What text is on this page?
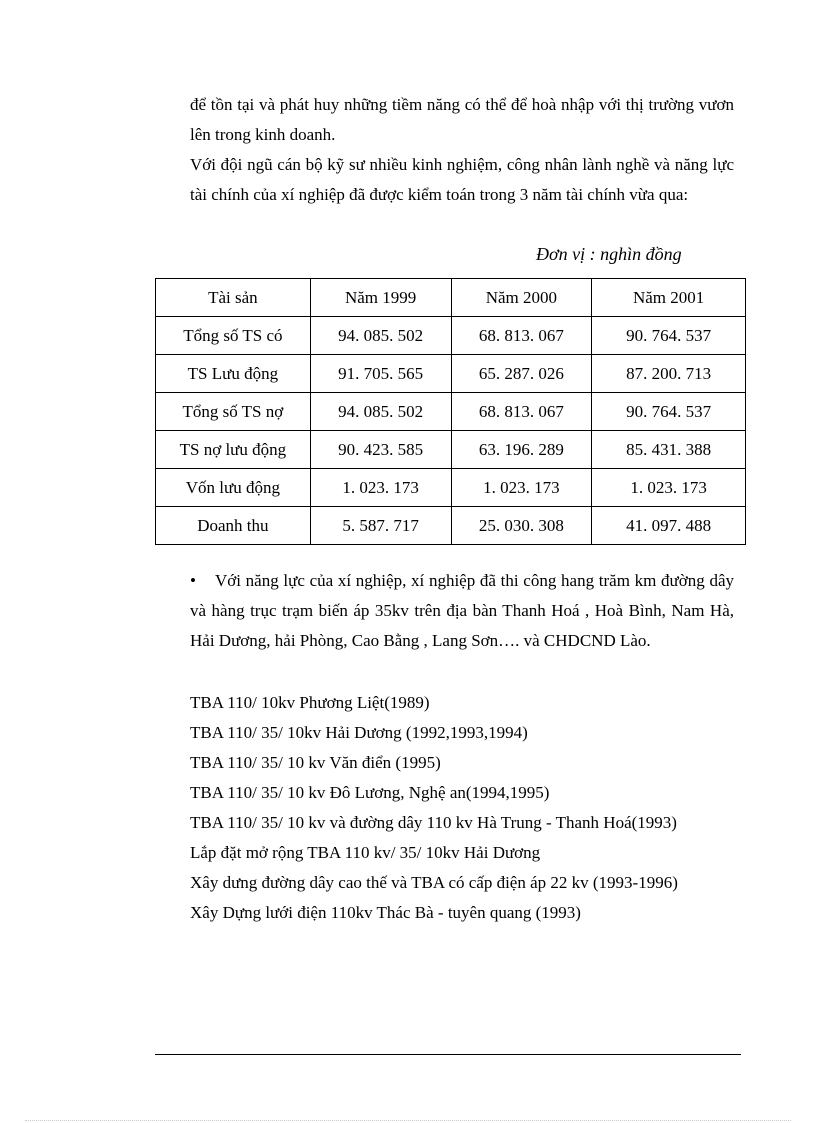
để tồn tại và phát huy những tiềm năng có thể để hoà nhập với thị trường vươn lên trong kinh doanh.

Với đội ngũ cán bộ kỹ sư nhiều kinh nghiệm, công nhân lành nghề và năng lực tài chính của xí nghiệp đã được kiểm toán trong 3 năm tài chính vừa qua:

Đơn vị : nghìn đồng
Tài sản	Năm 1999	Năm 2000	Năm 2001
Tổng số TS có	94. 085. 502	68. 813. 067	90. 764. 537
TS Lưu động	91. 705. 565	65. 287. 026	87. 200. 713
Tổng số TS nợ	94. 085. 502	68. 813. 067	90. 764. 537
TS nợ lưu động	90. 423. 585	63. 196. 289	85. 431. 388
Vốn lưu động	1. 023. 173	1. 023. 173	1. 023. 173
Doanh thu	5. 587. 717	25. 030. 308	41. 097. 488

• Với năng lực của xí nghiệp, xí nghiệp đã thi công hang trăm km đường dây và hàng trục trạm biến áp 35kv trên địa bàn Thanh Hoá , Hoà Bình, Nam Hà, Hải Dương, hải Phòng, Cao Bằng , Lang Sơn…. và CHDCND Lào.

TBA 110/ 10kv Phương Liệt(1989)
TBA 110/ 35/ 10kv Hải Dương (1992,1993,1994)
TBA 110/ 35/ 10 kv Văn điển (1995)
TBA 110/ 35/ 10 kv Đô Lương, Nghệ an(1994,1995)
TBA 110/ 35/ 10 kv và đường dây 110 kv Hà Trung - Thanh Hoá(1993)
Lắp đặt mở rộng TBA 110 kv/ 35/ 10kv Hải Dương
Xây dưng đường dây cao thế và TBA có cấp điện áp 22 kv (1993-1996)
Xây Dựng lưới điện 110kv Thác Bà - tuyên quang (1993)
